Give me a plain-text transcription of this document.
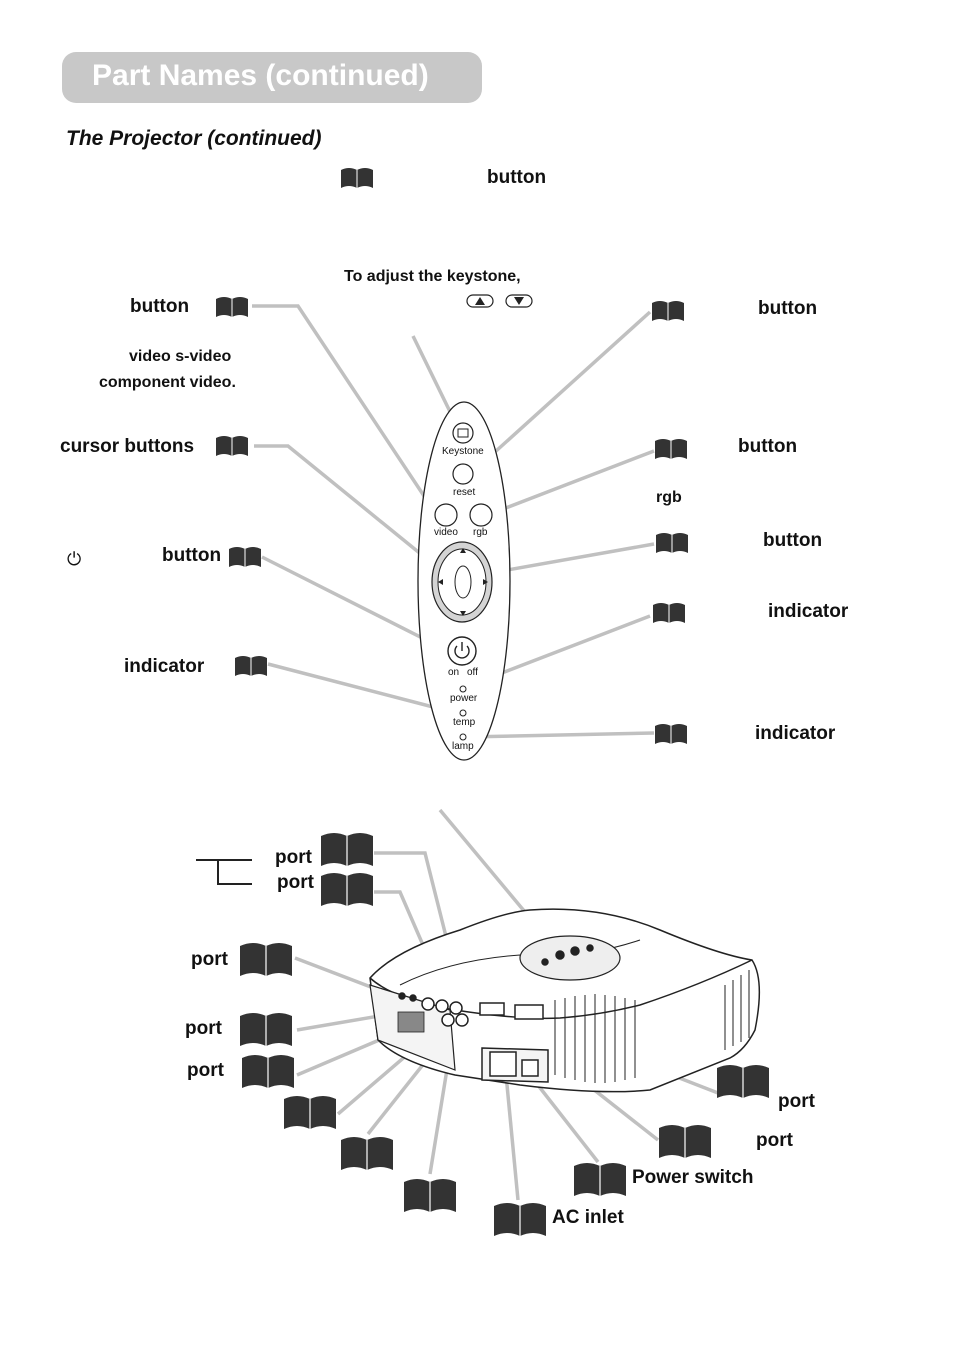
Part Names (continued)
The Projector (continued)
Keystone
reset
video rgb
on off
power
temp
lamp
button
To adjust the keystone,
button
video s-video
component video.
button
cursor buttons	button
rgb
button
⏻
button
indicator
indicator
indicator
port
port
port
port
port
port
port
Power switch
AC inlet
